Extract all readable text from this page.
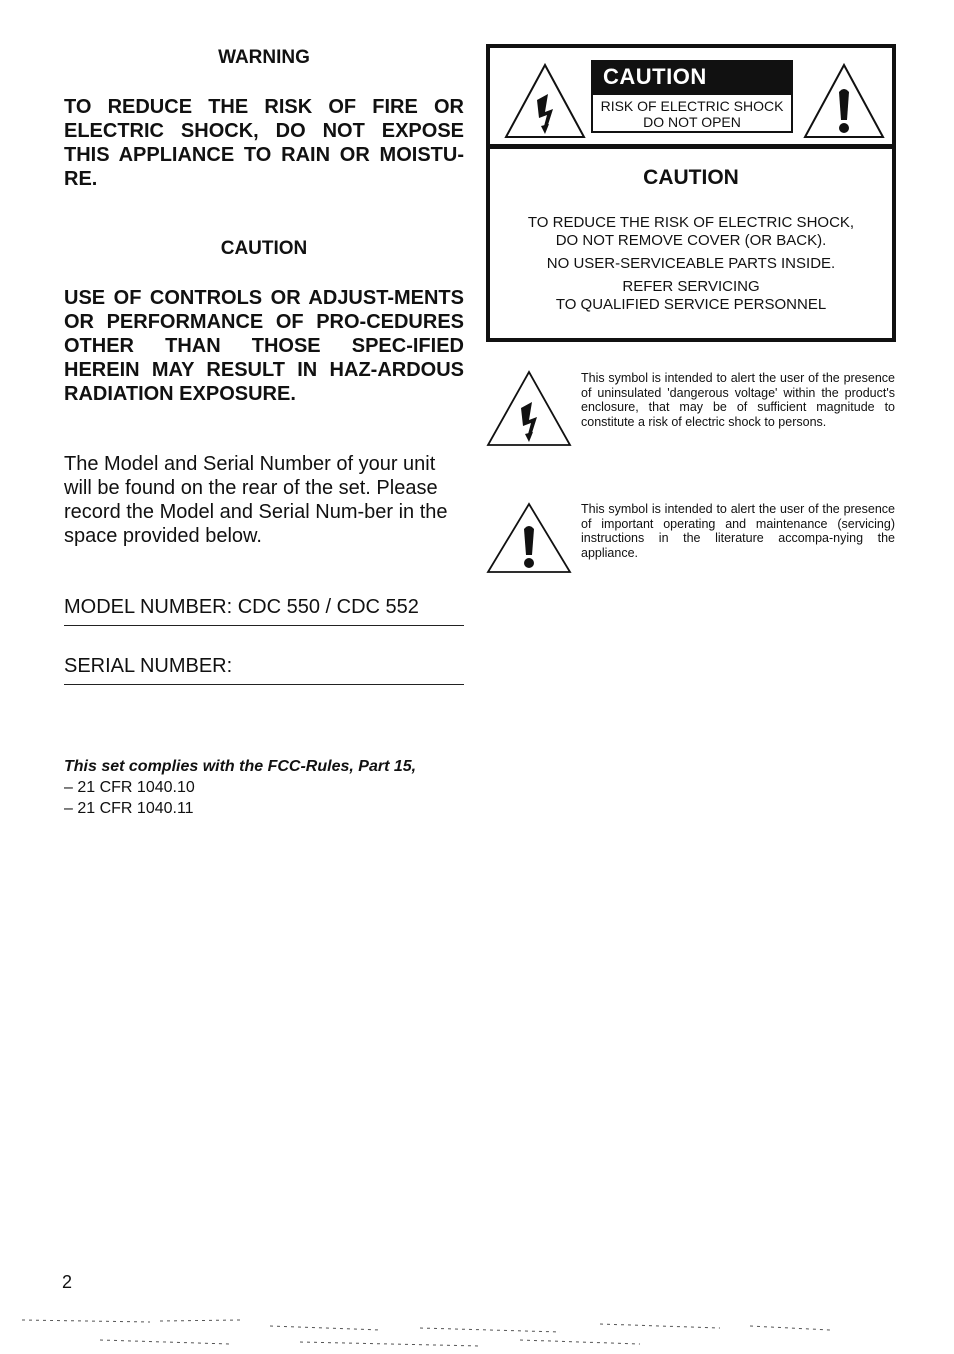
WARNING
TO REDUCE THE RISK OF FIRE OR ELECTRIC SHOCK, DO NOT EXPOSE THIS APPLIANCE TO RAIN OR MOISTU-RE.
CAUTION
USE OF CONTROLS OR ADJUST-MENTS OR PERFORMANCE OF PRO-CEDURES OTHER THAN THOSE SPEC-IFIED HEREIN MAY RESULT IN HAZ-ARDOUS RADIATION EXPOSURE.
The Model and Serial Number of your unit will be found on the rear of the set. Please record the Model and Serial Num-ber in the space provided below.
MODEL NUMBER: CDC 550 / CDC 552
SERIAL NUMBER:
This set complies with the FCC-Rules, Part 15,
– 21 CFR 1040.10
– 21 CFR 1040.11
2
CAUTION
RISK OF ELECTRIC SHOCK
DO NOT OPEN
CAUTION
TO REDUCE THE RISK OF ELECTRIC SHOCK,
DO NOT REMOVE COVER (OR BACK).
NO USER-SERVICEABLE PARTS INSIDE.
REFER SERVICING
TO QUALIFIED SERVICE PERSONNEL
This symbol is intended to alert the user of the presence of uninsulated 'dangerous voltage' within the product's enclosure, that may be of sufficient magnitude to constitute a risk of electric shock to persons.
This symbol is intended to alert the user of the presence of important operating and maintenance (servicing) instructions in the literature accompa-nying the appliance.
